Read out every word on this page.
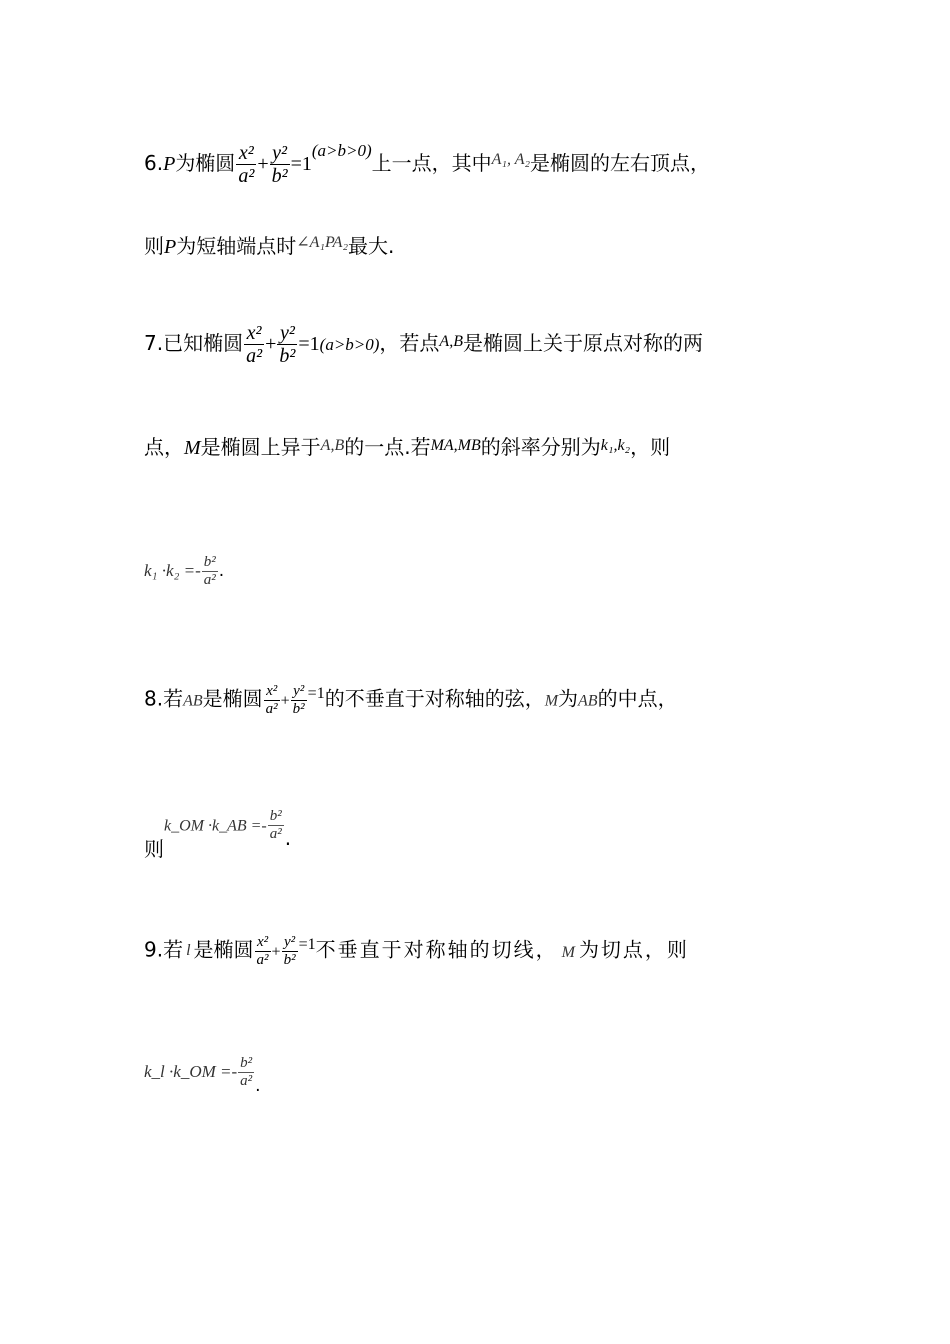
6.P为椭圆 $\frac{\text{x²}}{\text{a²}} + \frac{\text{y²}}{\text{b²}} =1^{(a>b>0)}$上一点，其中$^{A_1, A_2}$是椭圆的左右顶点，
则P为短轴端点时$^{\angle A_1PA_2}$最大.
7.已知椭圆 $\frac{\text{x²}}{\text{a²}} + \frac{\text{y²}}{\text{b²}} =1(a>b>0)$，若点$^{A,B}$是椭圆上关于原点对称的两
点，M是椭圆上异于$^{A,B}$的一点.若$^{MA,MB}$的斜率分别为$^{k_1,k_2}$，则
$k_1 \cdot k_2 =- \frac{\text{b²}}{\text{a²}}$ .
8.若AB是椭圆 $\frac{\text{x²}}{\text{a²}} + \frac{\text{y²}}{\text{b²}} ^{=1}$的不垂直于对称轴的弦，M为AB的中点，
则k_OM ·k_AB =- $\frac{\text{b²}}{\text{a²}}$ .
9.若 l 是椭圆 $\frac{\text{x²}}{\text{a²}} + \frac{\text{y²}}{\text{b²}} ^{=1}$不垂直于对称轴的切线， M 为切点，则
k_l ·k_OM =- $\frac{\text{b²}}{\text{a²}}$ .
